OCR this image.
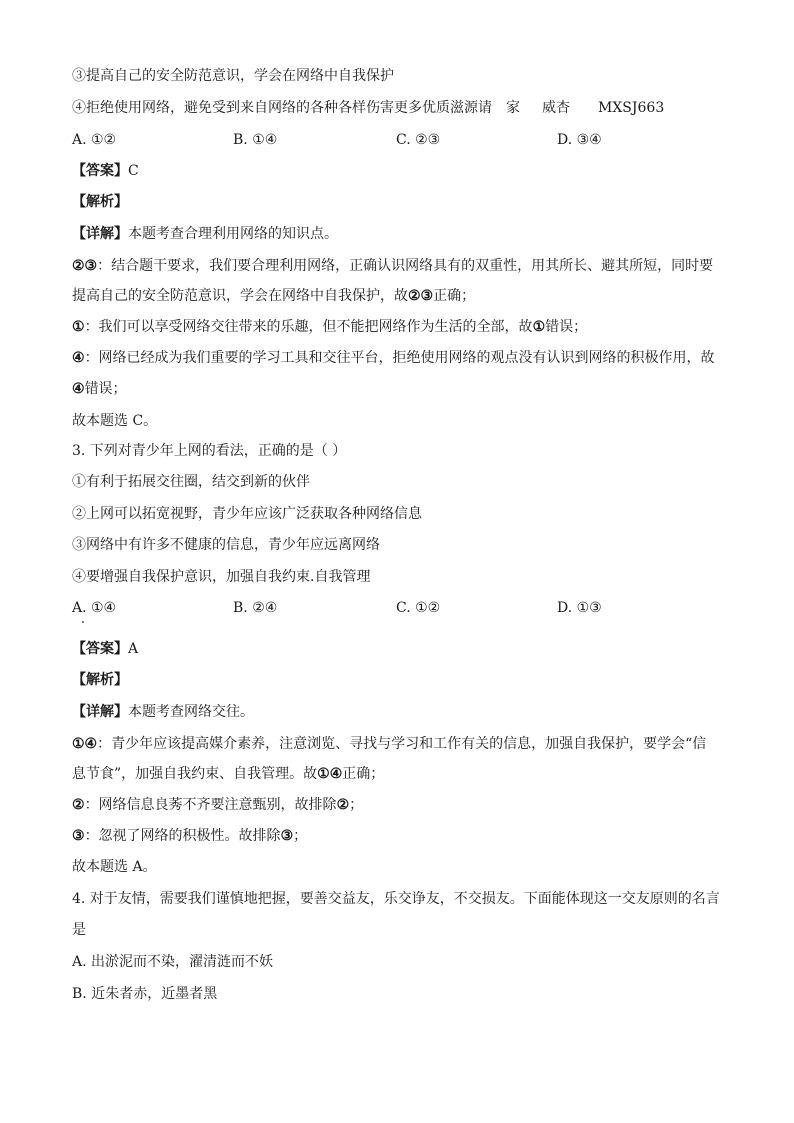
③提高自己的安全防范意识，学会在网络中自我保护
④拒绝使用网络，避免受到来自网络的各种各样伤害更多优质滋源请 家 威杏 MXSJ663
A. ①②	B. ①④	C. ②③	D. ③④
【答案】C
【解析】
【详解】本题考查合理利用网络的知识点。
②③：结合题干要求，我们要合理利用网络，正确认识网络具有的双重性，用其所长、避其所短，同时要
提高自己的安全防范意识，学会在网络中自我保护，故②③正确；
①：我们可以享受网络交往带来的乐趣，但不能把网络作为生活的全部，故①错误；
④：网络已经成为我们重要的学习工具和交往平台，拒绝使用网络的观点没有认识到网络的积极作用，故
④错误；
故本题选 C。
3. 下列对青少年上网的看法，正确的是（ ）
①有利于拓展交往圈，结交到新的伙伴
②上网可以拓宽视野，青少年应该广泛获取各种网络信息
③网络中有许多不健康的信息，青少年应远离网络
④要增强自我保护意识，加强自我约束.自我管理
A. ①④	B. ②④	C. ①②	D. ①③
【答案】A
【解析】
【详解】本题考查网络交往。
①④：青少年应该提高媒介素养，注意浏览、寻找与学习和工作有关的信息，加强自我保护，要学会“信
息节食”，加强自我约束、自我管理。故①④正确；
②：网络信息良莠不齐要注意甄别，故排除②；
③：忽视了网络的积极性。故排除③；
故本题选 A。
4. 对于友情，需要我们谨慎地把握，要善交益友，乐交诤友，不交损友。下面能体现这一交友原则的名言
是
A. 出淤泥而不染，濯清涟而不妖
B. 近朱者赤，近墨者黑
